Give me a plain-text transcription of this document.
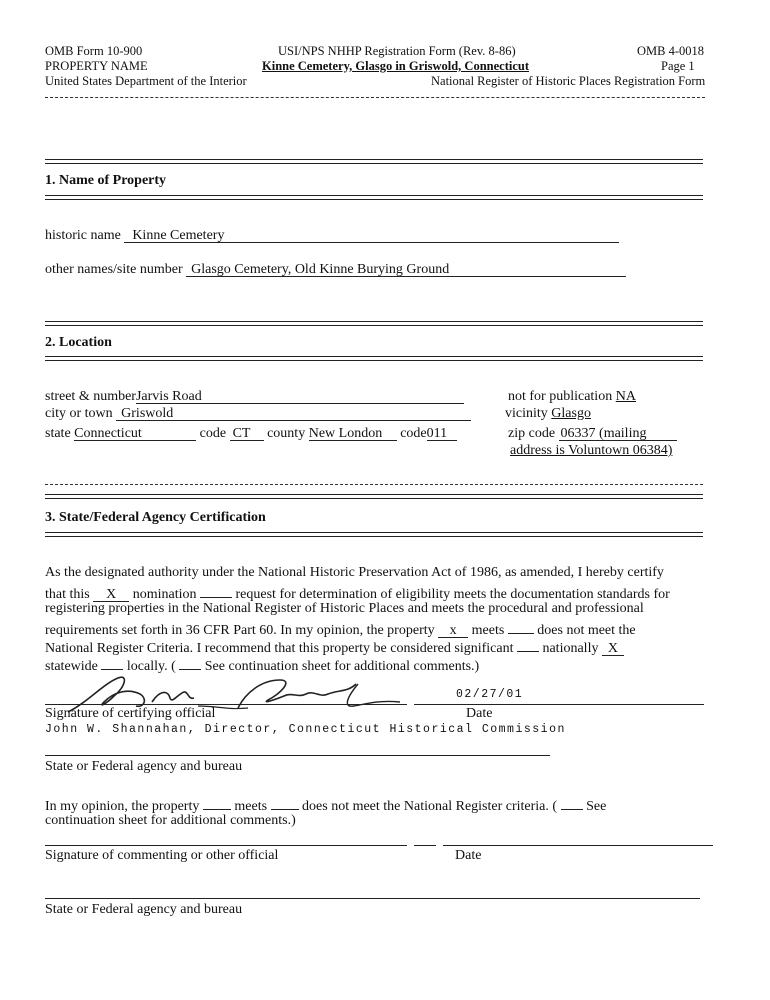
OMB Form 10-900
PROPERTY NAME
United States Department of the Interior
USI/NPS NHHP Registration Form (Rev. 8-86)
Kinne Cemetery, Glasgo in Griswold, Connecticut
OMB 4-0018
Page 1
National Register of Historic Places Registration Form
1. Name of Property
historic name Kinne Cemetery
other names/site number Glasgo Cemetery, Old Kinne Burying Ground
2. Location
street & numberJarvis Road
city or town Griswold
state Connecticut	code CT county New London code011
not for publication NA
vicinity Glasgo
zip code 06337 (mailing
address is Voluntown 06384)
3. State/Federal Agency Certification
As the designated authority under the National Historic Preservation Act of 1986, as amended, I hereby certify
that this X nomination	request for determination of eligibility meets the documentation standards for
registering properties in the National Register of Historic Places and meets the procedural and professional
requirements set forth in 36 CFR Part 60. In my opinion, the property x meets does not meet the
National Register Criteria. I recommend that this property be considered significant nationally X
statewide locally. ( See continuation sheet for additional comments.)
02/27/01
Signature of certifying official	Date
John W. Shannahan, Director, Connecticut Historical Commission
State or Federal agency and bureau
In my opinion, the property	meets	does not meet the National Register criteria. ( See
continuation sheet for additional comments.)
Signature of commenting or other official	Date
State or Federal agency and bureau
